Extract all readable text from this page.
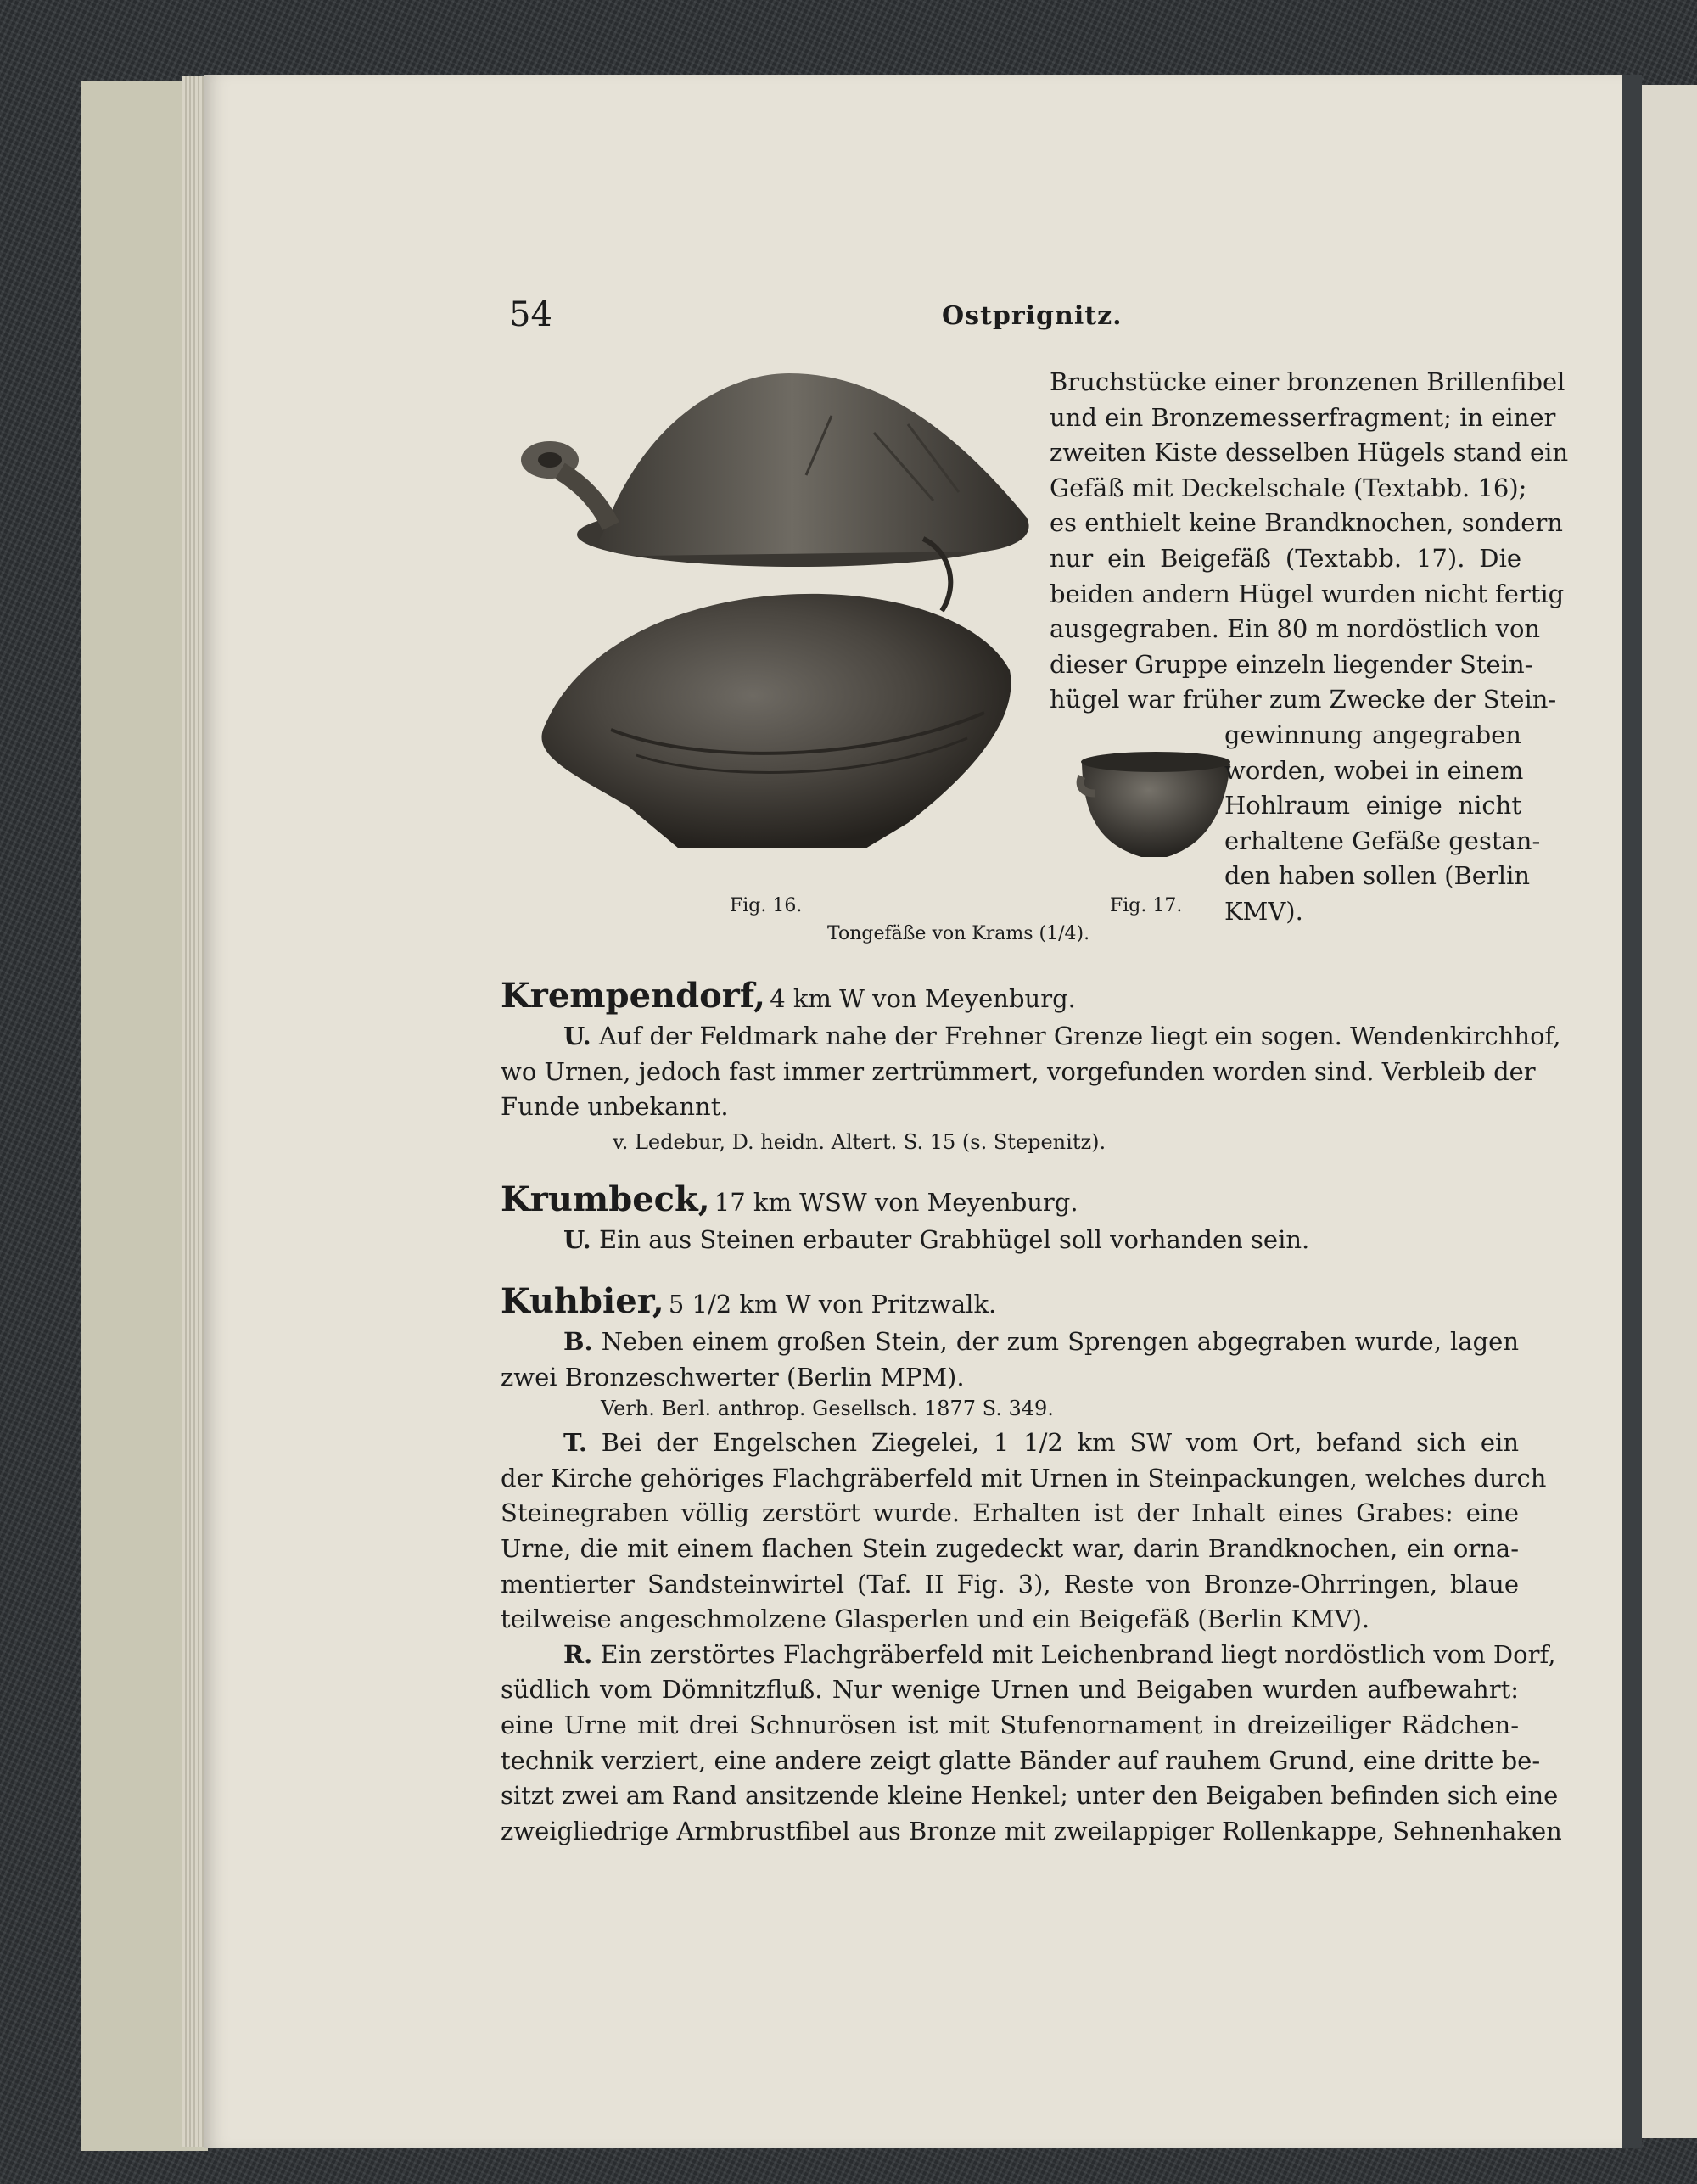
54	Ostprignitz.
Bruchstücke einer bronzenen Brillenfibel
und ein Bronzemesserfragment; in einer
zweiten Kiste desselben Hügels stand ein
Gefäß mit Deckelschale (Textabb. 16);
es enthielt keine Brandknochen, sondern
nur ein Beigefäß (Textabb. 17). Die
beiden andern Hügel wurden nicht fertig
ausgegraben. Ein 80 m nordöstlich von
dieser Gruppe einzeln liegender Stein-
hügel war früher zum Zwecke der Stein-
gewinnung angegraben
worden, wobei in einem
Hohlraum einige nicht
erhaltene Gefäße gestan-
den haben sollen (Berlin
KMV).
Fig. 16.	Fig. 17.
Tongefäße von Krams (1/4).
Krempendorf, 4 km W von Meyenburg.
U. Auf der Feldmark nahe der Frehner Grenze liegt ein sogen. Wendenkirchhof,
wo Urnen, jedoch fast immer zertrümmert, vorgefunden worden sind. Verbleib der
Funde unbekannt.
v. Ledebur, D. heidn. Altert. S. 15 (s. Stepenitz).
Krumbeck, 17 km WSW von Meyenburg.
U. Ein aus Steinen erbauter Grabhügel soll vorhanden sein.
Kuhbier, 5 1/2 km W von Pritzwalk.
B. Neben einem großen Stein, der zum Sprengen abgegraben wurde, lagen
zwei Bronzeschwerter (Berlin MPM).
Verh. Berl. anthrop. Gesellsch. 1877 S. 349.
T. Bei der Engelschen Ziegelei, 1 1/2 km SW vom Ort, befand sich ein
der Kirche gehöriges Flachgräberfeld mit Urnen in Steinpackungen, welches durch
Steinegraben völlig zerstört wurde. Erhalten ist der Inhalt eines Grabes: eine
Urne, die mit einem flachen Stein zugedeckt war, darin Brandknochen, ein orna-
mentierter Sandsteinwirtel (Taf. II Fig. 3), Reste von Bronze-Ohrringen, blaue
teilweise angeschmolzene Glasperlen und ein Beigefäß (Berlin KMV).
R. Ein zerstörtes Flachgräberfeld mit Leichenbrand liegt nordöstlich vom Dorf,
südlich vom Dömnitzfluß. Nur wenige Urnen und Beigaben wurden aufbewahrt:
eine Urne mit drei Schnurösen ist mit Stufenornament in dreizeiliger Rädchen-
technik verziert, eine andere zeigt glatte Bänder auf rauhem Grund, eine dritte be-
sitzt zwei am Rand ansitzende kleine Henkel; unter den Beigaben befinden sich eine
zweigliedrige Armbrustfibel aus Bronze mit zweilappiger Rollenkappe, Sehnenhaken
